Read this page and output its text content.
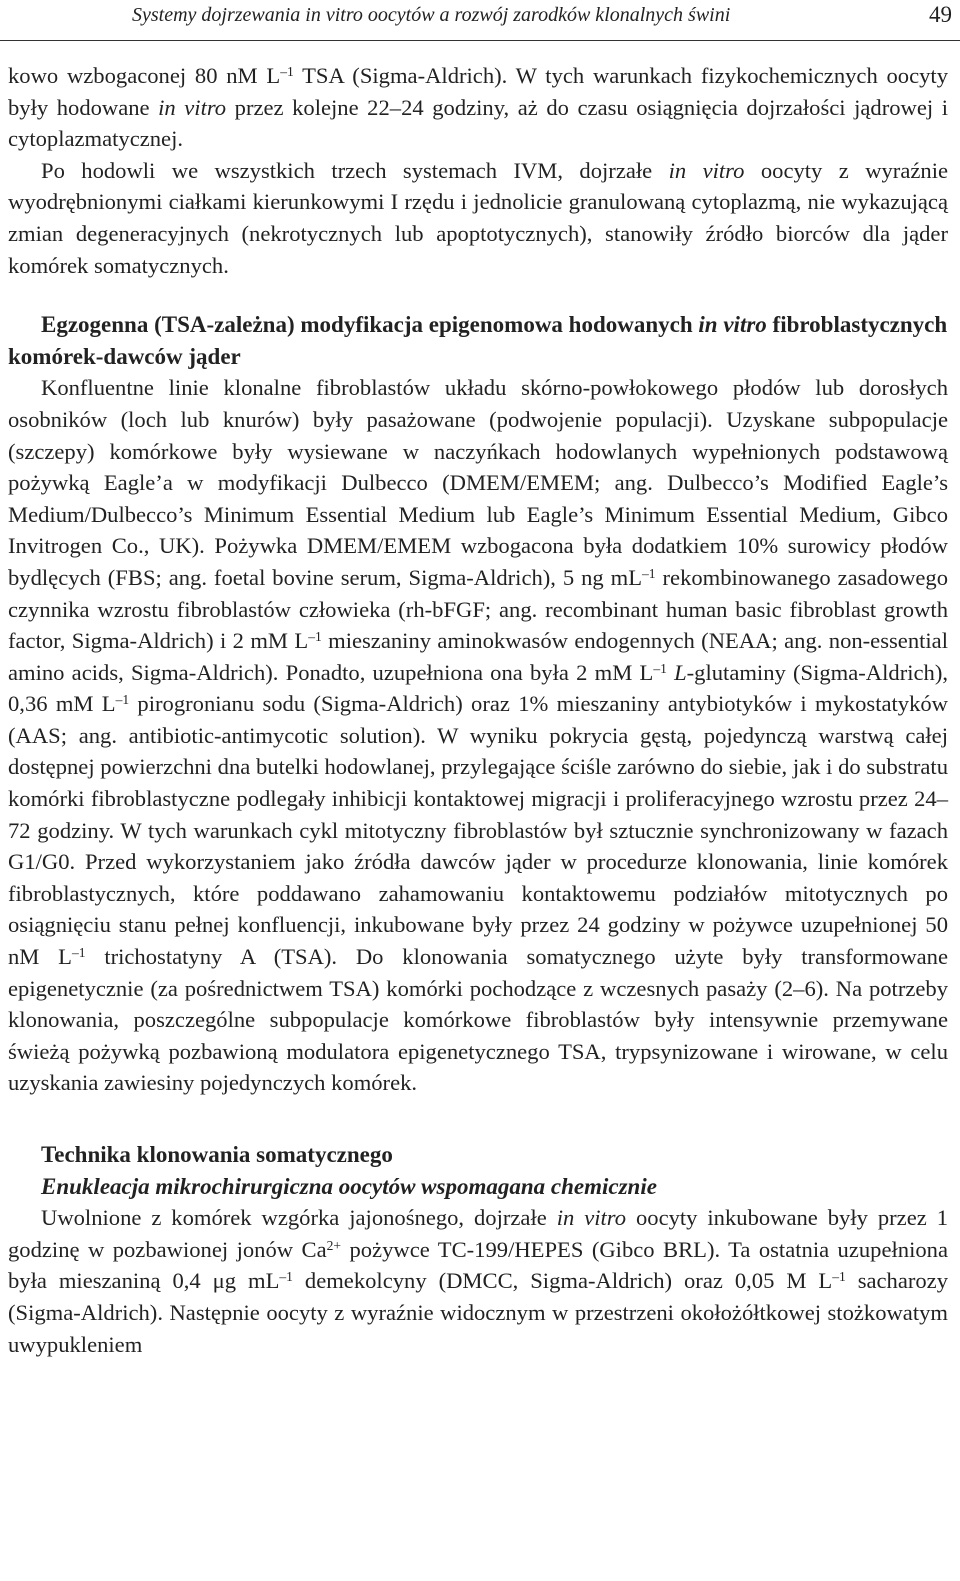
Systemy dojrzewania in vitro oocytów a rozwój zarodków klonalnych świni	49

kowo wzbogaconej 80 nM $L^{-1}$ TSA (Sigma-Aldrich). W tych warunkach fizykochemicznych oocyty były hodowane in vitro przez kolejne 22–24 godziny, aż do czasu osiągnięcia dojrzałości jądrowej i cytoplazmatycznej.

Po hodowli we wszystkich trzech systemach IVM, dojrzałe in vitro oocyty z wyraźnie wyodrębnionymi ciałkami kierunkowymi I rzędu i jednolicie granulowaną cytoplazmą, nie wykazującą zmian degeneracyjnych (nekrotycznych lub apoptotycznych), stanowiły źródło biorców dla jąder komórek somatycznych.

Egzogenna (TSA-zależna) modyfikacja epigenomowa hodowanych in vitro fibroblastycznych komórek-dawców jąder

Konfluentne linie klonalne fibroblastów układu skórno-powłokowego płodów lub dorosłych osobników (loch lub knurów) były pasażowane (podwojenie populacji). Uzyskane subpopulacje (szczepy) komórkowe były wysiewane w naczyńkach hodowlanych wypełnionych podstawową pożywką Eagle’a w modyfikacji Dulbecco (DMEM/EMEM; ang. Dulbecco’s Modified Eagle’s Medium/Dulbecco’s Minimum Essential Medium lub Eagle’s Minimum Essential Medium, Gibco Invitrogen Co., UK). Pożywka DMEM/EMEM wzbogacona była dodatkiem 10% surowicy płodów bydlęcych (FBS; ang. foetal bovine serum, Sigma-Aldrich), 5 ng $mL^{-1}$ rekombinowanego zasadowego czynnika wzrostu fibroblastów człowieka (rh-bFGF; ang. recombinant human basic fibroblast growth factor, Sigma-Aldrich) i 2 mM $L^{-1}$ mieszaniny aminokwasów endogennych (NEAA; ang. non-essential amino acids, Sigma-Aldrich). Ponadto, uzupełniona ona była 2 mM $L^{-1}$ L-glutaminy (Sigma-Aldrich), 0,36 mM $L^{-1}$ pirogronianu sodu (Sigma-Aldrich) oraz 1% mieszaniny antybiotyków i mykostatyków (AAS; ang. antibiotic-antimycotic solution). W wyniku pokrycia gęstą, pojedynczą warstwą całej dostępnej powierzchni dna butelki hodowlanej, przylegające ściśle zarówno do siebie, jak i do substratu komórki fibroblastyczne podlegały inhibicji kontaktowej migracji i proliferacyjnego wzrostu przez 24–72 godziny. W tych warunkach cykl mitotyczny fibroblastów był sztucznie synchronizowany w fazach G1/G0. Przed wykorzystaniem jako źródła dawców jąder w procedurze klonowania, linie komórek fibroblastycznych, które poddawano zahamowaniu kontaktowemu podziałów mitotycznych po osiągnięciu stanu pełnej konfluencji, inkubowane były przez 24 godziny w pożywce uzupełnionej 50 nM $L^{-1}$ trichostatyny A (TSA). Do klonowania somatycznego użyte były transformowane epigenetycznie (za pośrednictwem TSA) komórki pochodzące z wczesnych pasaży (2–6). Na potrzeby klonowania, poszczególne subpopulacje komórkowe fibroblastów były intensywnie przemywane świeżą pożywką pozbawioną modulatora epigenetycznego TSA, trypsynizowane i wirowane, w celu uzyskania zawiesiny pojedynczych komórek.

Technika klonowania somatycznego
Enukleacja mikrochirurgiczna oocytów wspomagana chemicznie

Uwolnione z komórek wzgórka jajonośnego, dojrzałe in vitro oocyty inkubowane były przez 1 godzinę w pozbawionej jonów $Ca^{2+}$ pożywce TC-199/HEPES (Gibco BRL). Ta ostatnia uzupełniona była mieszaniną 0,4 μg $mL^{-1}$ demekolcyny (DMCC, Sigma-Aldrich) oraz 0,05 M $L^{-1}$ sacharozy (Sigma-Aldrich). Następnie oocyty z wyraźnie widocznym w przestrzeni okołożółtkowej stożkowatym uwypukleniem
